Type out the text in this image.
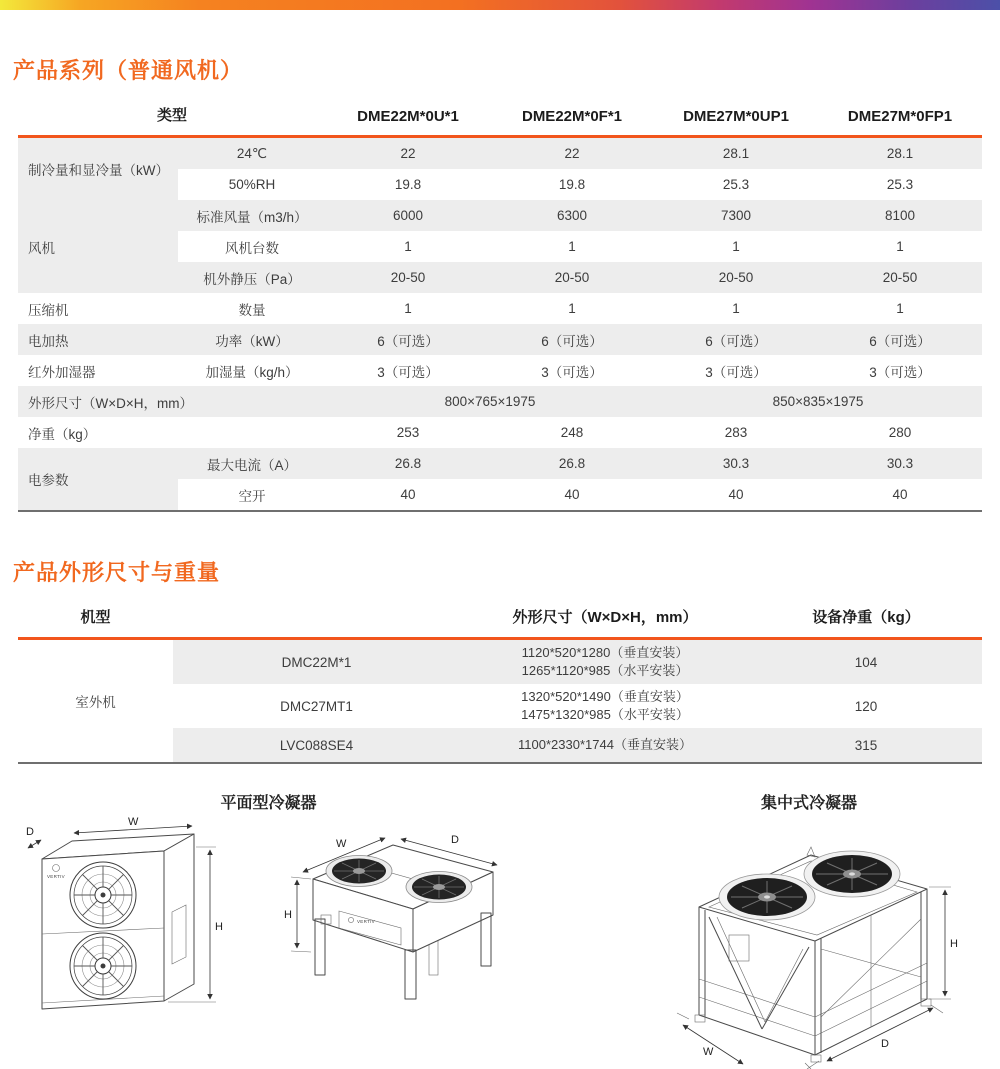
产品系列（普通风机）
类型		DME22M*0U*1	DME22M*0F*1	DME27M*0UP1	DME27M*0FP1
制冷量和显冷量（kW）	24℃	22	22	28.1	28.1
	50%RH	19.8	19.8	25.3	25.3
风机	标准风量（m3/h）	6000	6300	7300	8100
	风机台数	1	1	1	1
	机外静压（Pa）	20-50	20-50	20-50	20-50
压缩机	数量	1	1	1	1
电加热	功率（kW）	6（可选）	6（可选）	6（可选）	6（可选）
红外加湿器	加湿量（kg/h）	3（可选）	3（可选）	3（可选）	3（可选）
外形尺寸（W×D×H，mm）		800×765×1975		850×835×1975	
净重（kg）		253	248	283	280
电参数	最大电流（A）	26.8	26.8	30.3	30.3
	空开	40	40	40	40
产品外形尺寸与重量
机型		外形尺寸（W×D×H，mm）	设备净重（kg）
室外机	DMC22M*1	1120*520*1280（垂直安装）
1265*1120*985（水平安装）	104
	DMC27MT1	1320*520*1490（垂直安装）
1475*1320*985（水平安装）	120
	LVC088SE4	1100*2330*1744（垂直安装）	315
平面型冷凝器
VERTIV
D
W
H	VERTIV
W	D
H
集中式冷凝器
H
D
W
